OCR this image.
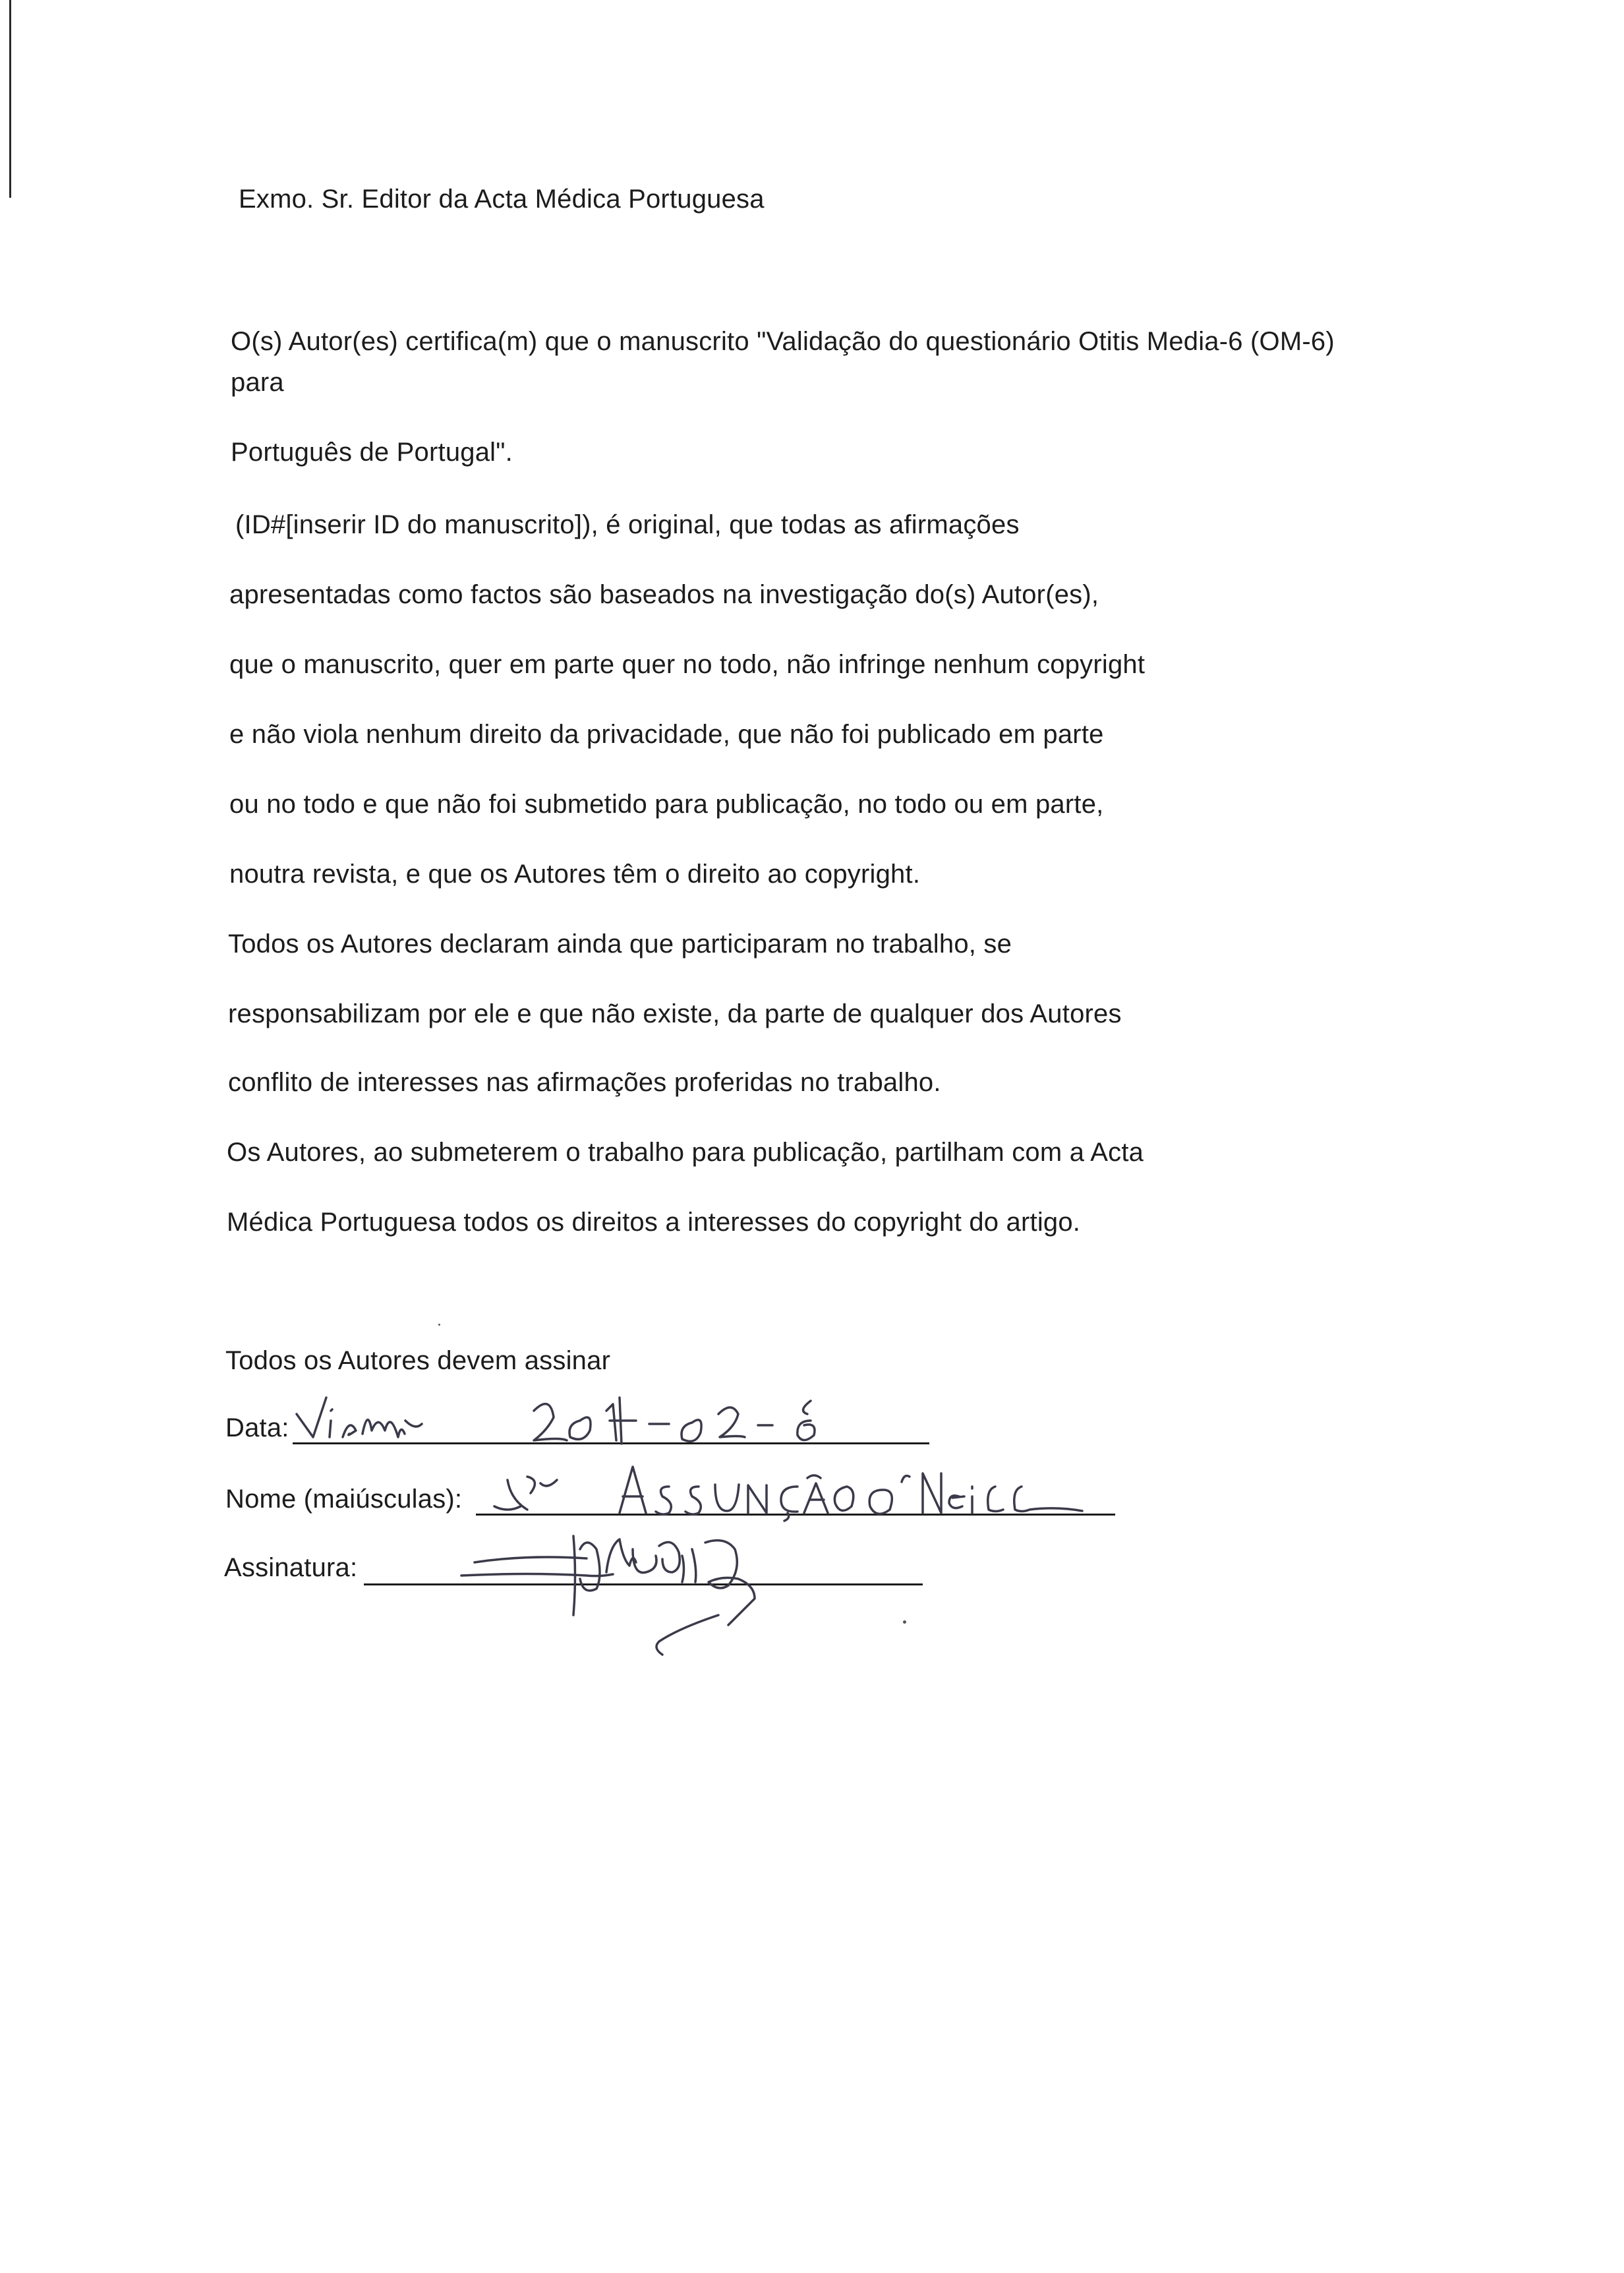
Exmo. Sr. Editor da Acta Médica Portuguesa
O(s) Autor(es) certifica(m) que o manuscrito "Validação do questionário Otitis Media-6 (OM-6)
para
Português de Portugal".
(ID#[inserir ID do manuscrito]), é original, que todas as afirmações
apresentadas como factos são baseados na investigação do(s) Autor(es),
que o manuscrito, quer em parte quer no todo, não infringe nenhum copyright
e não viola nenhum direito da privacidade, que não foi publicado em parte
ou no todo e que não foi submetido para publicação, no todo ou em parte,
noutra revista, e que os Autores têm o direito ao copyright.
Todos os Autores declaram ainda que participaram no trabalho, se
responsabilizam por ele e que não existe, da parte de qualquer dos Autores
conflito de interesses nas afirmações proferidas no trabalho.
Os Autores, ao submeterem o trabalho para publicação, partilham com a Acta
Médica Portuguesa todos os direitos a interesses do copyright do artigo.
Todos os Autores devem assinar
Data:
Nome (maiúsculas):
Assinatura:
